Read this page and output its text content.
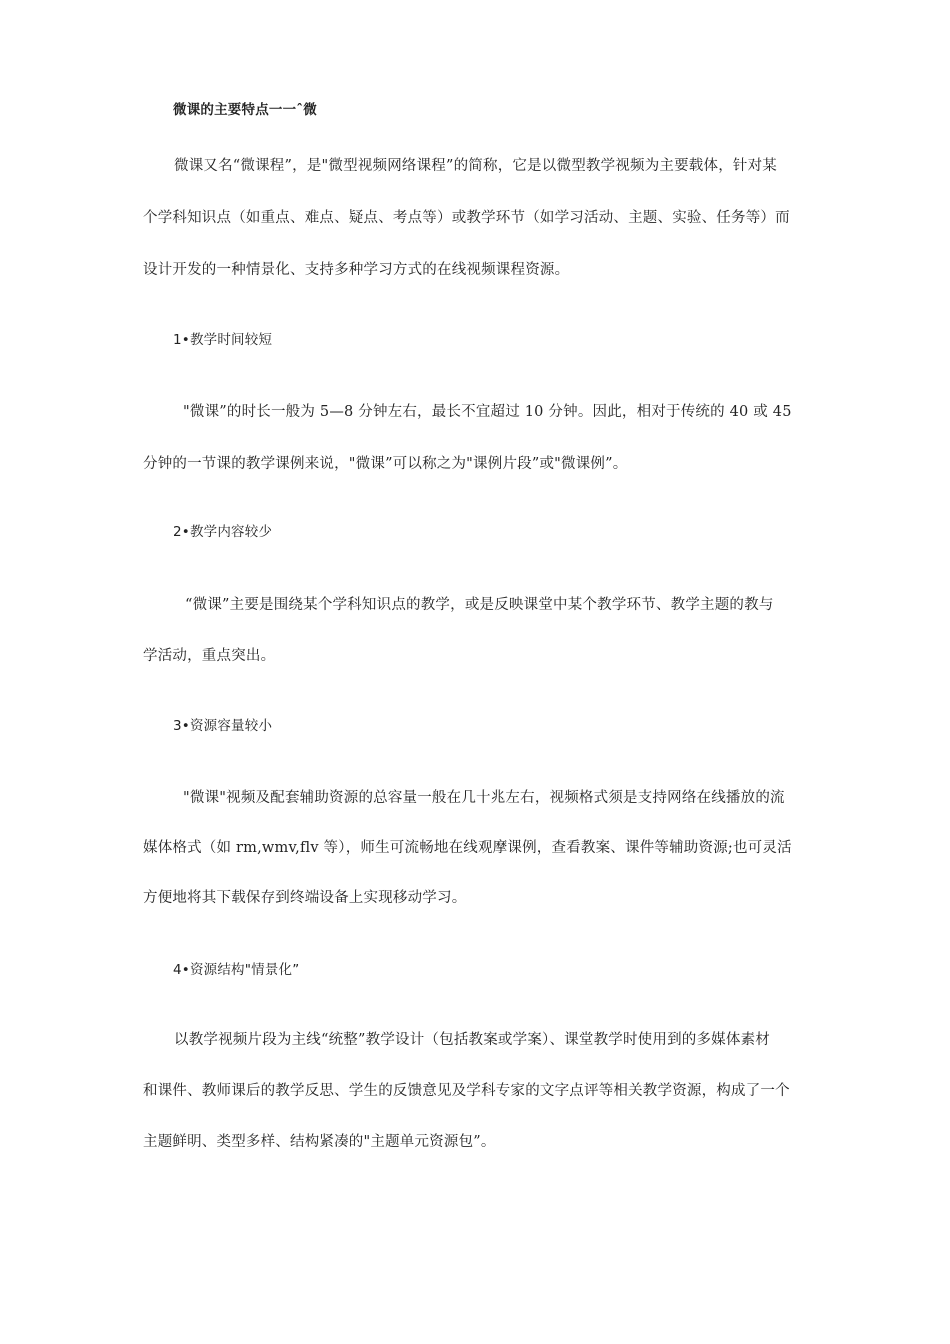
微课的主要特点一一ˆ微
微课又名“微课程”，是"微型视频网络课程”的简称，它是以微型教学视频为主要载体，针对某
个学科知识点（如重点、难点、疑点、考点等）或教学环节（如学习活动、主题、实验、任务等）而
设计开发的一种情景化、支持多种学习方式的在线视频课程资源。
1•教学时间较短
"微课”的时长一般为 5—8 分钟左右，最长不宜超过 10 分钟。因此，相对于传统的 40 或 45
分钟的一节课的教学课例来说，"微课”可以称之为"课例片段”或"微课例”。
2•教学内容较少
“微课”主要是围绕某个学科知识点的教学，或是反映课堂中某个教学环节、教学主题的教与
学活动，重点突出。
3•资源容量较小
"微课"视频及配套辅助资源的总容量一般在几十兆左右，视频格式须是支持网络在线播放的流
媒体格式（如 rm,wmv,flv 等），师生可流畅地在线观摩课例，查看教案、课件等辅助资源;也可灵活
方便地将其下载保存到终端设备上实现移动学习。
4•资源结构"情景化”
以教学视频片段为主线“统整”教学设计（包括教案或学案）、课堂教学时使用到的多媒体素材
和课件、教师课后的教学反思、学生的反馈意见及学科专家的文字点评等相关教学资源，构成了一个
主题鲜明、类型多样、结构紧凑的"主题单元资源包”。
